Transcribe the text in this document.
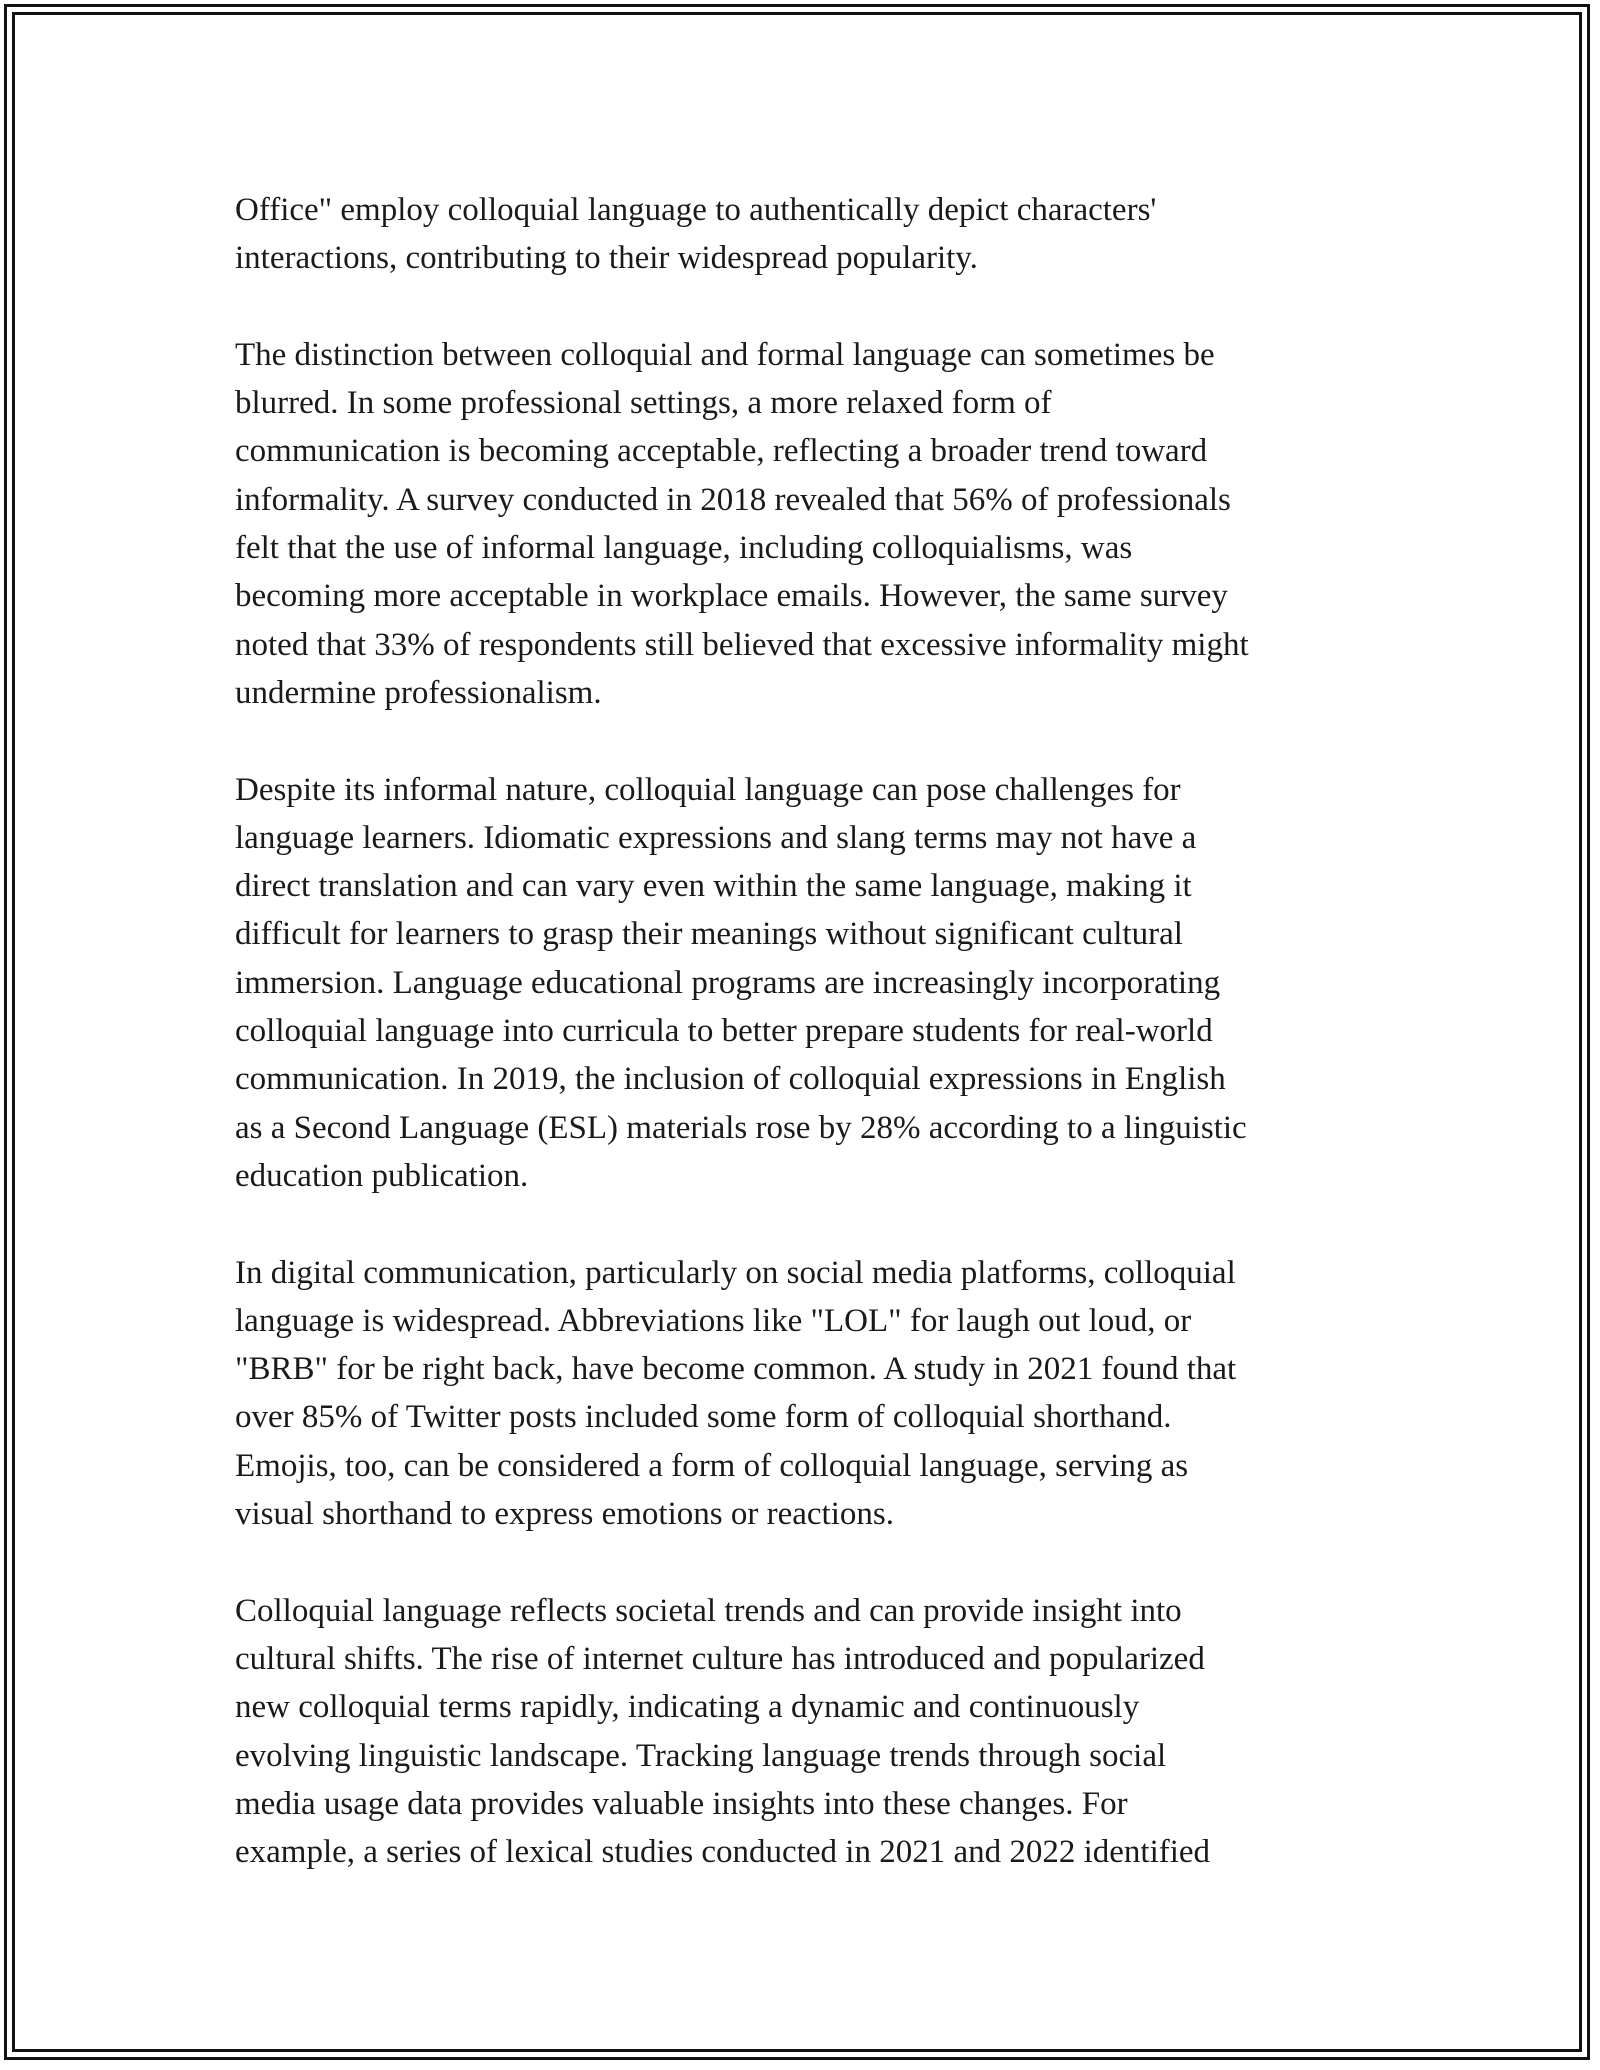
Office" employ colloquial language to authentically depict characters'
interactions, contributing to their widespread popularity.

The distinction between colloquial and formal language can sometimes be
blurred. In some professional settings, a more relaxed form of
communication is becoming acceptable, reflecting a broader trend toward
informality. A survey conducted in 2018 revealed that 56% of professionals
felt that the use of informal language, including colloquialisms, was
becoming more acceptable in workplace emails. However, the same survey
noted that 33% of respondents still believed that excessive informality might
undermine professionalism.

Despite its informal nature, colloquial language can pose challenges for
language learners. Idiomatic expressions and slang terms may not have a
direct translation and can vary even within the same language, making it
difficult for learners to grasp their meanings without significant cultural
immersion. Language educational programs are increasingly incorporating
colloquial language into curricula to better prepare students for real-world
communication. In 2019, the inclusion of colloquial expressions in English
as a Second Language (ESL) materials rose by 28% according to a linguistic
education publication.

In digital communication, particularly on social media platforms, colloquial
language is widespread. Abbreviations like "LOL" for laugh out loud, or
"BRB" for be right back, have become common. A study in 2021 found that
over 85% of Twitter posts included some form of colloquial shorthand.
Emojis, too, can be considered a form of colloquial language, serving as
visual shorthand to express emotions or reactions.

Colloquial language reflects societal trends and can provide insight into
cultural shifts. The rise of internet culture has introduced and popularized
new colloquial terms rapidly, indicating a dynamic and continuously
evolving linguistic landscape. Tracking language trends through social
media usage data provides valuable insights into these changes. For
example, a series of lexical studies conducted in 2021 and 2022 identified
